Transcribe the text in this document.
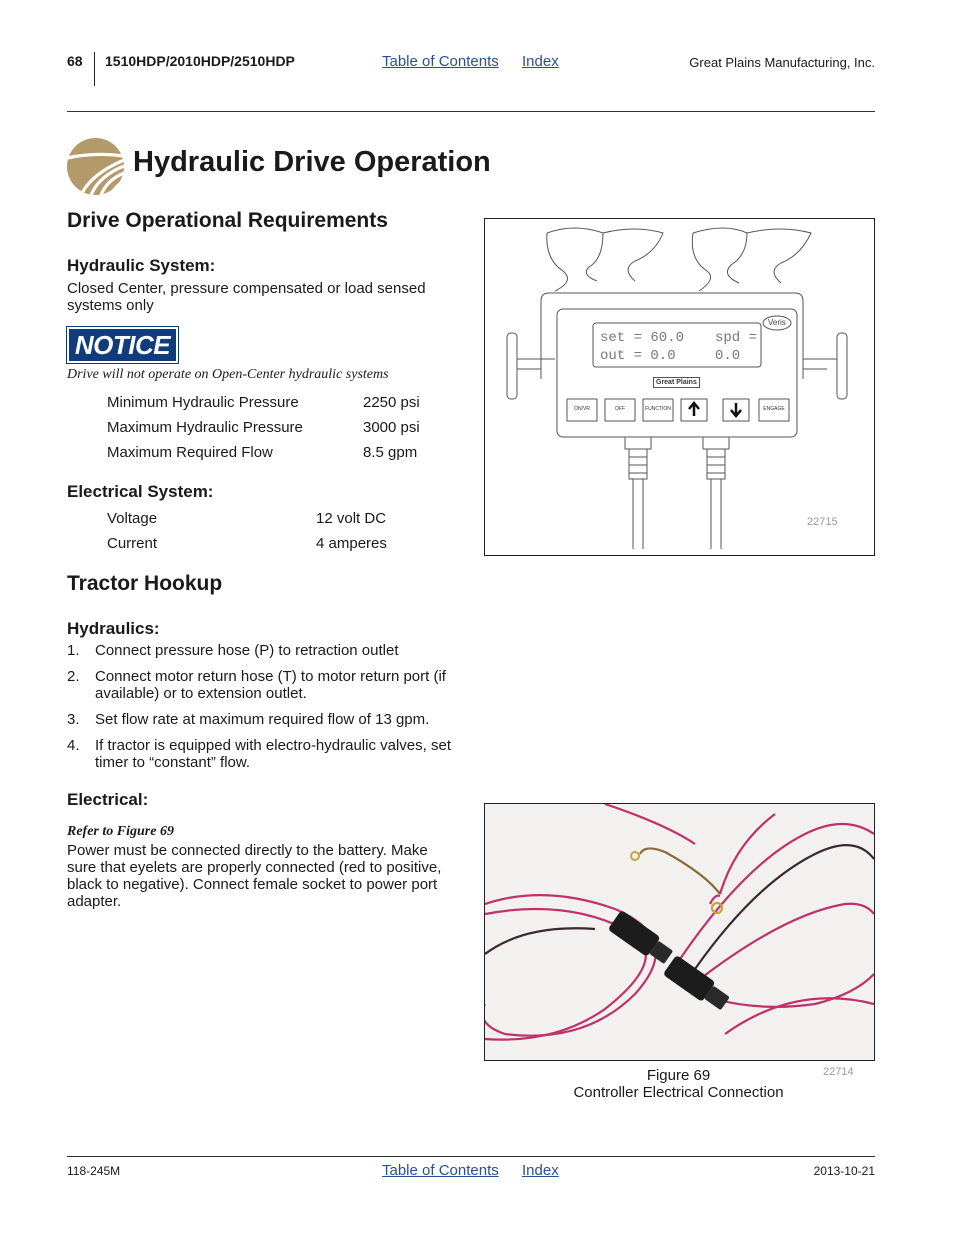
68 1510HDP/2010HDP/2510HDP	Table of Contents Index	Great Plains Manufacturing, Inc.
Hydraulic Drive Operation
Drive Operational Requirements
Hydraulic System:
Closed Center, pressure compensated or load sensed systems only
NOTICE
Drive will not operate on Open-Center hydraulic systems
Minimum Hydraulic Pressure	2250 psi
Maximum Hydraulic Pressure	3000 psi
Maximum Required Flow	8.5 gpm
Electrical System:
Voltage	12 volt DC
Current	4 amperes
Tractor Hookup
Hydraulics:
1. Connect pressure hose (P) to retraction outlet
2. Connect motor return hose (T) to motor return port (if available) or to extension outlet.
3. Set flow rate at maximum required flow of 13 gpm.
4. If tractor is equipped with electro-hydraulic valves, set timer to “constant” flow.
Electrical:
Refer to Figure 69
Power must be connected directly to the battery. Make sure that eyelets are properly connected (red to positive, black to negative). Connect female socket to power port adapter.
set = 60.0 spd =
out = 0.0	0.0
Veris
Great Plains
ON/VR	OFF	FUNCTION	ENGAGE
22715
22714
Figure 69
Controller Electrical Connection
118-245M	Table of Contents Index	2013-10-21
